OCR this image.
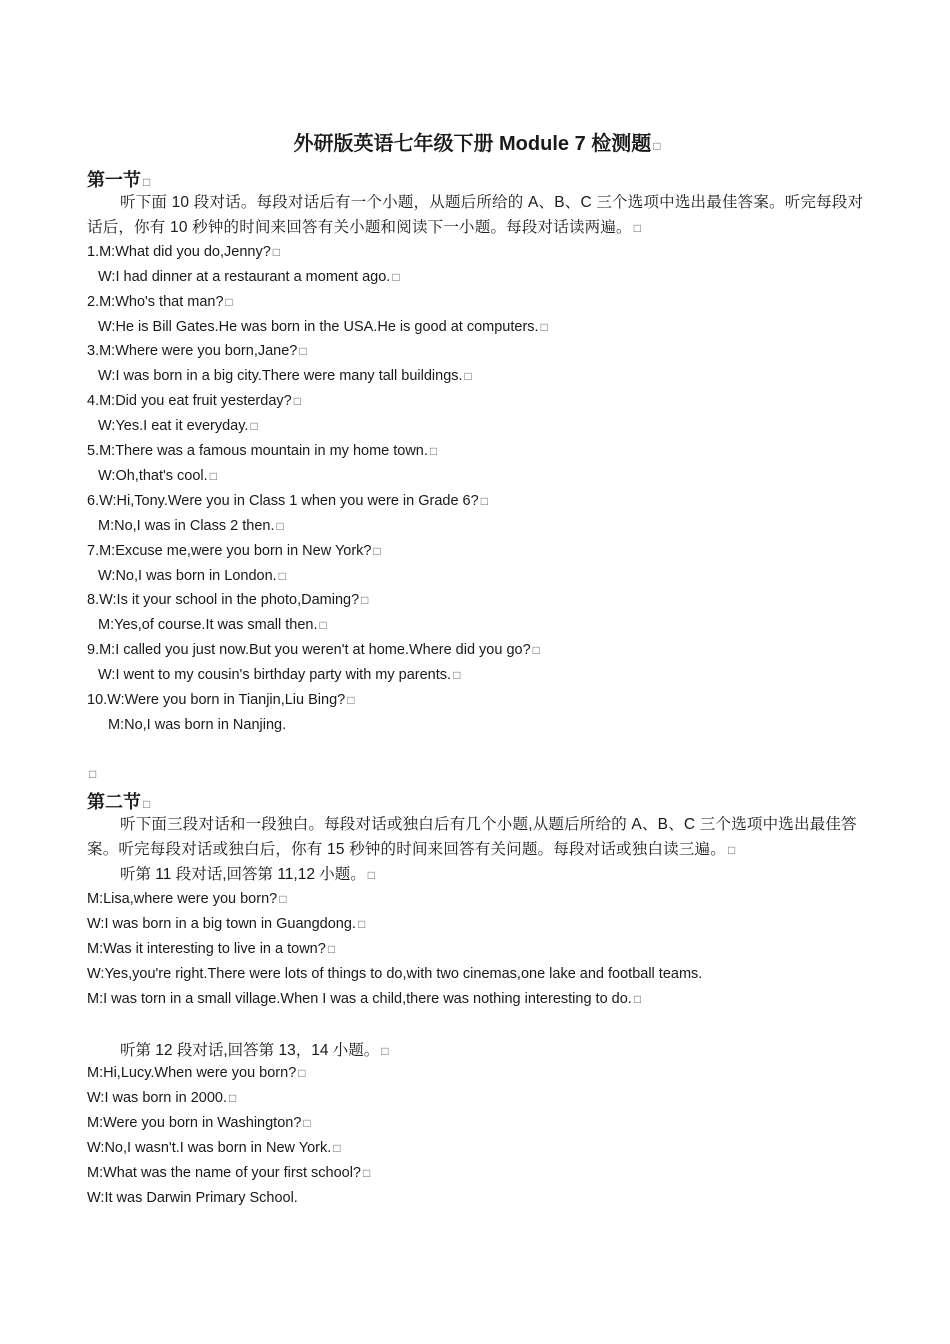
外研版英语七年级下册 Module 7 检测题 □
第一节 □

听下面 10 段对话。每段对话后有一个小题，从题后所给的 A、B、C 三个选项中选出最佳答案。听完每段对话后，你有 10 秒钟的时间来回答有关小题和阅读下一小题。每段对话读两遍。 □

1.M:What did you do,Jenny? □

W:I had dinner at a restaurant a moment ago. □

2.M:Who's that man? □

W:He is Bill Gates.He was born in the USA.He is good at computers. □

3.M:Where were you born,Jane? □

W:I was born in a big city.There were many tall buildings. □

4.M:Did you eat fruit yesterday? □

W:Yes.I eat it everyday. □

5.M:There was a famous mountain in my home town. □

W:Oh,that's cool. □

6.W:Hi,Tony.Were you in Class 1 when you were in Grade 6? □

M:No,I was in Class 2 then. □

7.M:Excuse me,were you born in New York? □

W:No,I was born in London. □

8.W:Is it your school in the photo,Daming? □

M:Yes,of course.It was small then. □

9.M:I called you just now.But you weren't at home.Where did you go? □

W:I went to my cousin's birthday party with my parents. □

10.W:Were you born in Tianjin,Liu Bing? □

M:No,I was born in Nanjing.

□

第二节 □

听下面三段对话和一段独白。每段对话或独白后有几个小题,从题后所给的 A、B、C 三个选项中选出最佳答案。听完每段对话或独白后，你有 15 秒钟的时间来回答有关问题。每段对话或独白读三遍。 □

听第 11 段对话,回答第 11,12 小题。 □

M:Lisa,where were you born? □

W:I was born in a big town in Guangdong. □

M:Was it interesting to live in a town? □

W:Yes,you're right.There were lots of things to do,with two cinemas,one lake and football teams.

M:I was torn in a small village.When I was a child,there was nothing interesting to do. □

听第 12 段对话,回答第 13，14 小题。 □

M:Hi,Lucy.When were you born? □

W:I was born in 2000. □

M:Were you born in Washington? □

W:No,I wasn't.I was born in New York. □

M:What was the name of your first school? □

W:It was Darwin Primary School.
